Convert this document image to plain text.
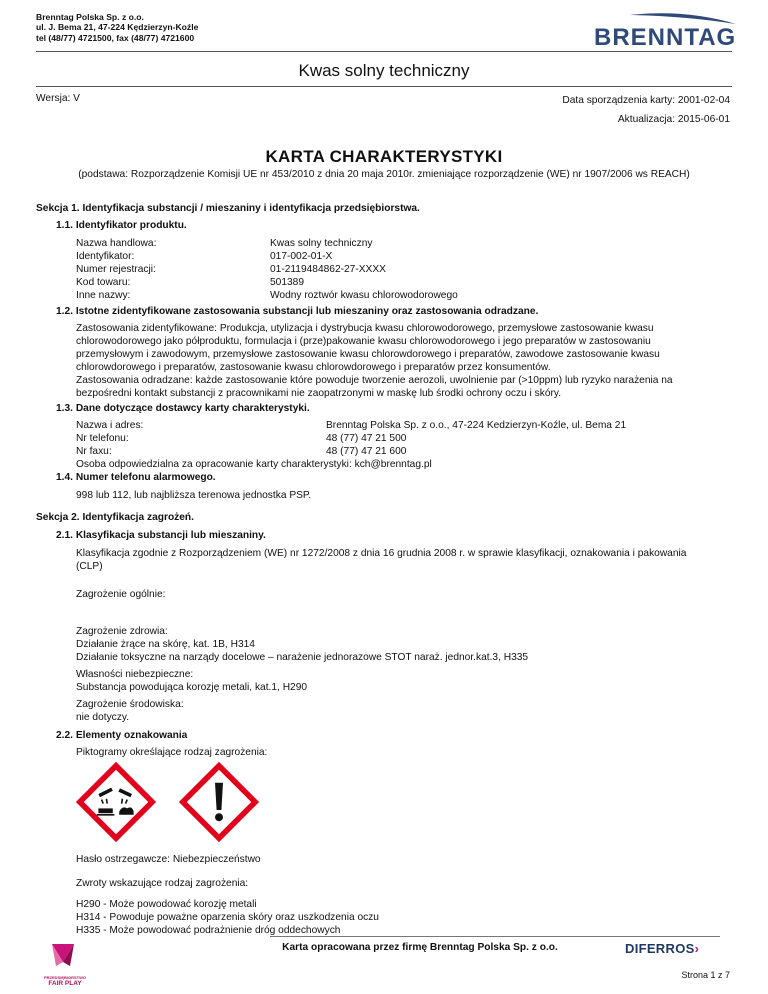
Brenntag Polska Sp. z o.o.
ul. J. Bema 21, 47-224 Kędzierzyn-Koźle
tel (48/77) 4721500, fax (48/77) 4721600	BRENNTAG
Kwas solny techniczny
Wersja: V	Data sporządzenia karty: 2001-02-04
Aktualizacja: 2015-06-01
KARTA CHARAKTERYSTYKI
(podstawa: Rozporządzenie Komisji UE nr 453/2010 z dnia 20 maja 2010r. zmieniające rozporządzenie (WE) nr 1907/2006 ws REACH)
Sekcja 1. Identyfikacja substancji / mieszaniny i identyfikacja przedsiębiorstwa.
1.1. Identyfikator produktu.
Nazwa handlowa:	Kwas solny techniczny
Identyfikator:	017-002-01-X
Numer rejestracji:	01-2119484862-27-XXXX
Kod towaru:	501389
Inne nazwy:	Wodny roztwór kwasu chlorowodorowego
1.2. Istotne zidentyfikowane zastosowania substancji lub mieszaniny oraz zastosowania odradzane.
Zastosowania zidentyfikowane: Produkcja, utylizacja i dystrybucja kwasu chlorowodorowego, przemysłowe zastosowanie kwasu
chlorowodorowego jako półproduktu, formulacja i (prze)pakowanie kwasu chlorowodorowego i jego preparatów w zastosowaniu
przemysłowym i zawodowym, przemysłowe zastosowanie kwasu chlorowdorowego i preparatów, zawodowe zastosowanie kwasu
chlorowdorowego i preparatów, zastosowanie kwasu chlorowdorowego i preparatów przez konsumentów.
Zastosowania odradzane: każde zastosowanie które powoduje tworzenie aerozoli, uwolnienie par (>10ppm) lub ryzyko narażenia na
bezpośredni kontakt substancji z pracownikami nie zaopatrzonymi w maskę lub środki ochrony oczu i skóry.
1.3. Dane dotyczące dostawcy karty charakterystyki.
Nazwa i adres:	Brenntag Polska Sp. z o.o., 47-224 Kedzierzyn-Koźle, ul. Bema 21
Nr telefonu:	48 (77) 47 21 500
Nr faxu:	48 (77) 47 21 600
Osoba odpowiedzialna za opracowanie karty charakterystyki: kch@brenntag.pl
1.4. Numer telefonu alarmowego.
998 lub 112, lub najbliższa terenowa jednostka PSP.
Sekcja 2. Identyfikacja zagrożeń.
2.1. Klasyfikacja substancji lub mieszaniny.
Klasyfikacja zgodnie z Rozporządzeniem (WE) nr 1272/2008 z dnia 16 grudnia 2008 r. w sprawie klasyfikacji, oznakowania i pakowania
(CLP)
Zagrożenie ogólnie:
Zagrożenie zdrowia:
Działanie żrące na skórę, kat. 1B, H314
Działanie toksyczne na narządy docelowe – narażenie jednorazowe STOT naraż. jednor.kat.3, H335
Własności niebezpieczne:
Substancja powodująca korozję metali, kat.1, H290
Zagrożenie środowiska:
nie dotyczy.
2.2. Elementy oznakowania
Piktogramy określające rodzaj zagrożenia:
Hasło ostrzegawcze: Niebezpieczeństwo
Zwroty wskazujące rodzaj zagrożenia:
H290 - Może powodować korozję metali
H314 - Powoduje poważne oparzenia skóry oraz uszkodzenia oczu
H335 - Może powodować podrażnienie dróg oddechowych
PRZEDSIĘBIORSTWO
FAIR PLAY
Karta opracowana przez firmę Brenntag Polska Sp. z o.o.	DIFERROS›
Strona 1 z 7
